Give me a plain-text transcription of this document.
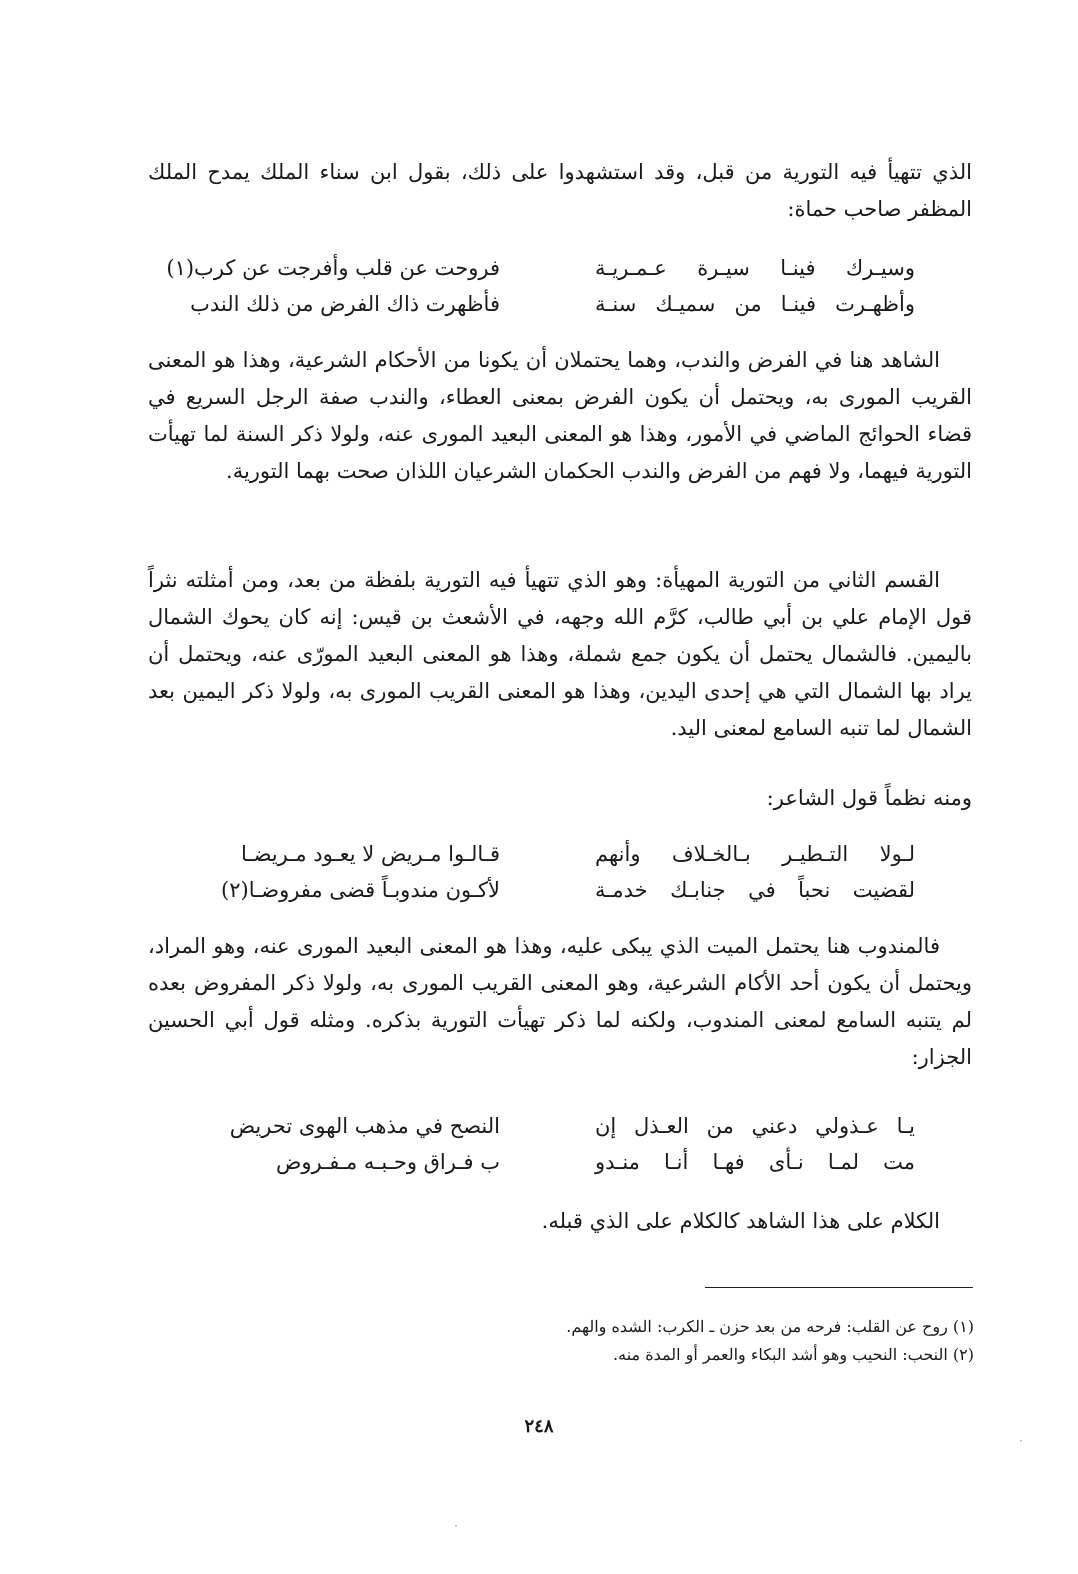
الذي تتهيأ فيه التورية من قبل، وقد استشهدوا على ذلك، بقول ابن سناء الملك يمدح الملك المظفر صاحب حماة:

وسيـرك فينـا سيـرة عـمـريـة
فروحت عن قلب وأفرجت عن كرب(١)
وأظهـرت فينـا من سميـك سنـة
فأظهرت ذاك الفرض من ذلك الندب

الشاهد هنا في الفرض والندب، وهما يحتملان أن يكونا من الأحكام الشرعية، وهذا هو المعنى القريب المورى به، ويحتمل أن يكون الفرض بمعنى العطاء، والندب صفة الرجل السريع في قضاء الحوائج الماضي في الأمور، وهذا هو المعنى البعيد المورى عنه، ولولا ذكر السنة لما تهيأت التورية فيهما، ولا فهم من الفرض والندب الحكمان الشرعيان اللذان صحت بهما التورية.

القسم الثاني من التورية المهيأة: وهو الذي تتهيأ فيه التورية بلفظة من بعد، ومن أمثلته نثراً قول الإمام علي بن أبي طالب، كرَّم الله وجهه، في الأشعث بن قيس: إنه كان يحوك الشمال باليمين. فالشمال يحتمل أن يكون جمع شملة، وهذا هو المعنى البعيد المورّى عنه، ويحتمل أن يراد بها الشمال التي هي إحدى اليدين، وهذا هو المعنى القريب المورى به، ولولا ذكر اليمين بعد الشمال لما تنبه السامع لمعنى اليد.

ومنه نظماً قول الشاعر:

لـولا التـطيـر بـالخـلاف وأنهم
قـالـوا مـريض لا يعـود مـريضـا
لقضيت نحباً في جنابـك خدمـة
لأكـون مندوبـاً قضى مفروضـا(٢)

فالمندوب هنا يحتمل الميت الذي يبكى عليه، وهذا هو المعنى البعيد المورى عنه، وهو المراد، ويحتمل أن يكون أحد الأكام الشرعية، وهو المعنى القريب المورى به، ولولا ذكر المفروض بعده لم يتنبه السامع لمعنى المندوب، ولكنه لما ذكر تهيأت التورية بذكره. ومثله قول أبي الحسين الجزار:

يـا عـذولي دعني من العـذل إن
النصح في مذهب الهوى تحريض
مت لمـا نـأى فهـا أنـا منـدو
ب فـراق وحـبـه مـفـروض

الكلام على هذا الشاهد كالكلام على الذي قبله.

(١) روح عن القلب: فرحه من بعد حزن ـ الكرب: الشده والهم.

(٢) النحب: النحيب وهو أشد البكاء والعمر أو المدة منه.

٢٤٨
